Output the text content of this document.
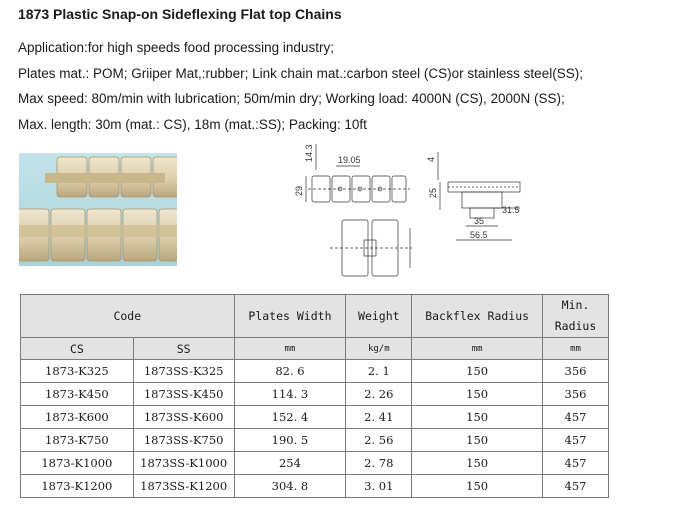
1873 Plastic Snap-on Sideflexing Flat top Chains
Application:for high speeds food processing industry;
Plates mat.: POM; Griiper Mat,:rubber; Link chain mat.:carbon steel (CS)or stainless steel(SS);
Max speed: 80m/min with lubrication; 50m/min dry; Working load: 4000N (CS), 2000N (SS);
Max. length: 30m (mat.: CS), 18m (mat.:SS); Packing: 10ft
14.3	19.05
29
4
25
31.5
35
56.5
Code		Plates Width	Weight	Backflex Radius	Min.
Radius
CS	SS	mm	kg/m	mm	mm
1873-K325	1873SS-K325	82. 6	2. 1	150	356
1873-K450	1873SS-K450	114. 3	2. 26	150	356
1873-K600	1873SS-K600	152. 4	2. 41	150	457
1873-K750	1873SS-K750	190. 5	2. 56	150	457
1873-K1000	1873SS-K1000	254	2. 78	150	457
1873-K1200	1873SS-K1200	304. 8	3. 01	150	457
